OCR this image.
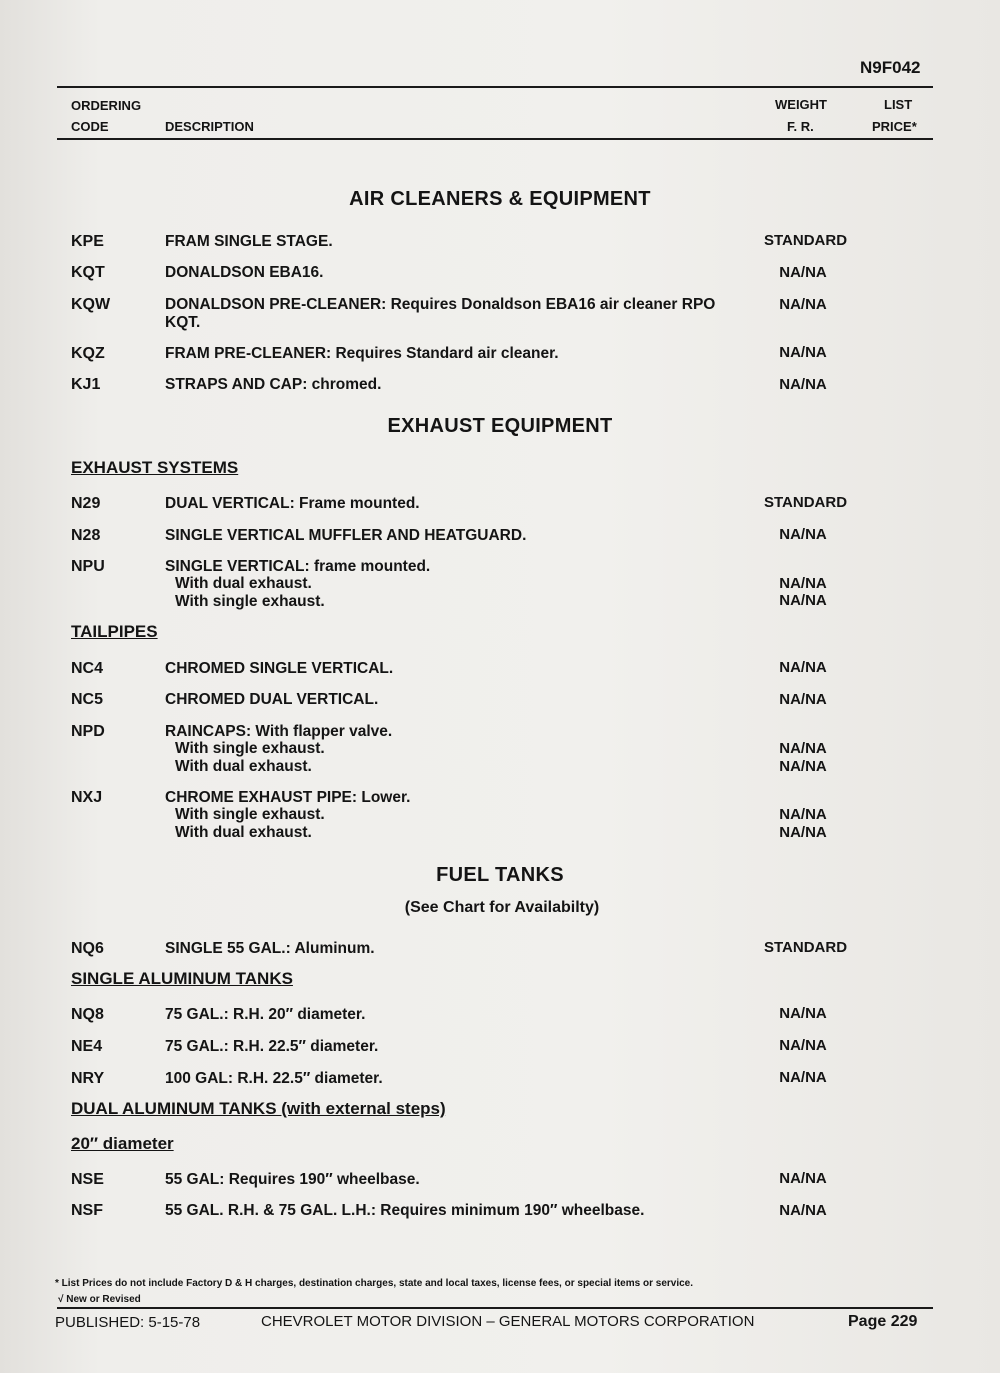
N9F042
ORDERING
CODE	DESCRIPTION
WEIGHT
F. R.
LIST
PRICE*
AIR CLEANERS & EQUIPMENT
KPE	FRAM SINGLE STAGE.	STANDARD
KQT	DONALDSON EBA16.	NA/NA
KQW	DONALDSON PRE-CLEANER: Requires Donaldson EBA16 air cleaner RPO
KQT.
NA/NA
KQZ	FRAM PRE-CLEANER: Requires Standard air cleaner.	NA/NA
KJ1	STRAPS AND CAP: chromed.	NA/NA
EXHAUST EQUIPMENT
EXHAUST SYSTEMS
N29	DUAL VERTICAL: Frame mounted.	STANDARD
N28	SINGLE VERTICAL MUFFLER AND HEATGUARD.	NA/NA
NPU	SINGLE VERTICAL: frame mounted.
With dual exhaust.	NA/NA
With single exhaust.	NA/NA
TAILPIPES
NC4	CHROMED SINGLE VERTICAL.	NA/NA
NC5	CHROMED DUAL VERTICAL.	NA/NA
NPD	RAINCAPS: With flapper valve.
With single exhaust.	NA/NA
With dual exhaust.	NA/NA
NXJ	CHROME EXHAUST PIPE: Lower.
With single exhaust.	NA/NA
With dual exhaust.	NA/NA
FUEL TANKS
(See Chart for Availabilty)
NQ6	SINGLE 55 GAL.: Aluminum.	STANDARD
SINGLE ALUMINUM TANKS
NQ8	75 GAL.: R.H. 20″ diameter.	NA/NA
NE4	75 GAL.: R.H. 22.5″ diameter.	NA/NA
NRY	100 GAL: R.H. 22.5″ diameter.	NA/NA
DUAL ALUMINUM TANKS (with external steps)
20″ diameter
NSE	55 GAL: Requires 190″ wheelbase.	NA/NA
NSF	55 GAL. R.H. & 75 GAL. L.H.: Requires minimum 190″ wheelbase.	NA/NA
* List Prices do not include Factory D & H charges, destination charges, state and local taxes, license fees, or special items or service.
√ New or Revised
PUBLISHED: 5-15-78	CHEVROLET MOTOR DIVISION – GENERAL MOTORS CORPORATION	Page 229
